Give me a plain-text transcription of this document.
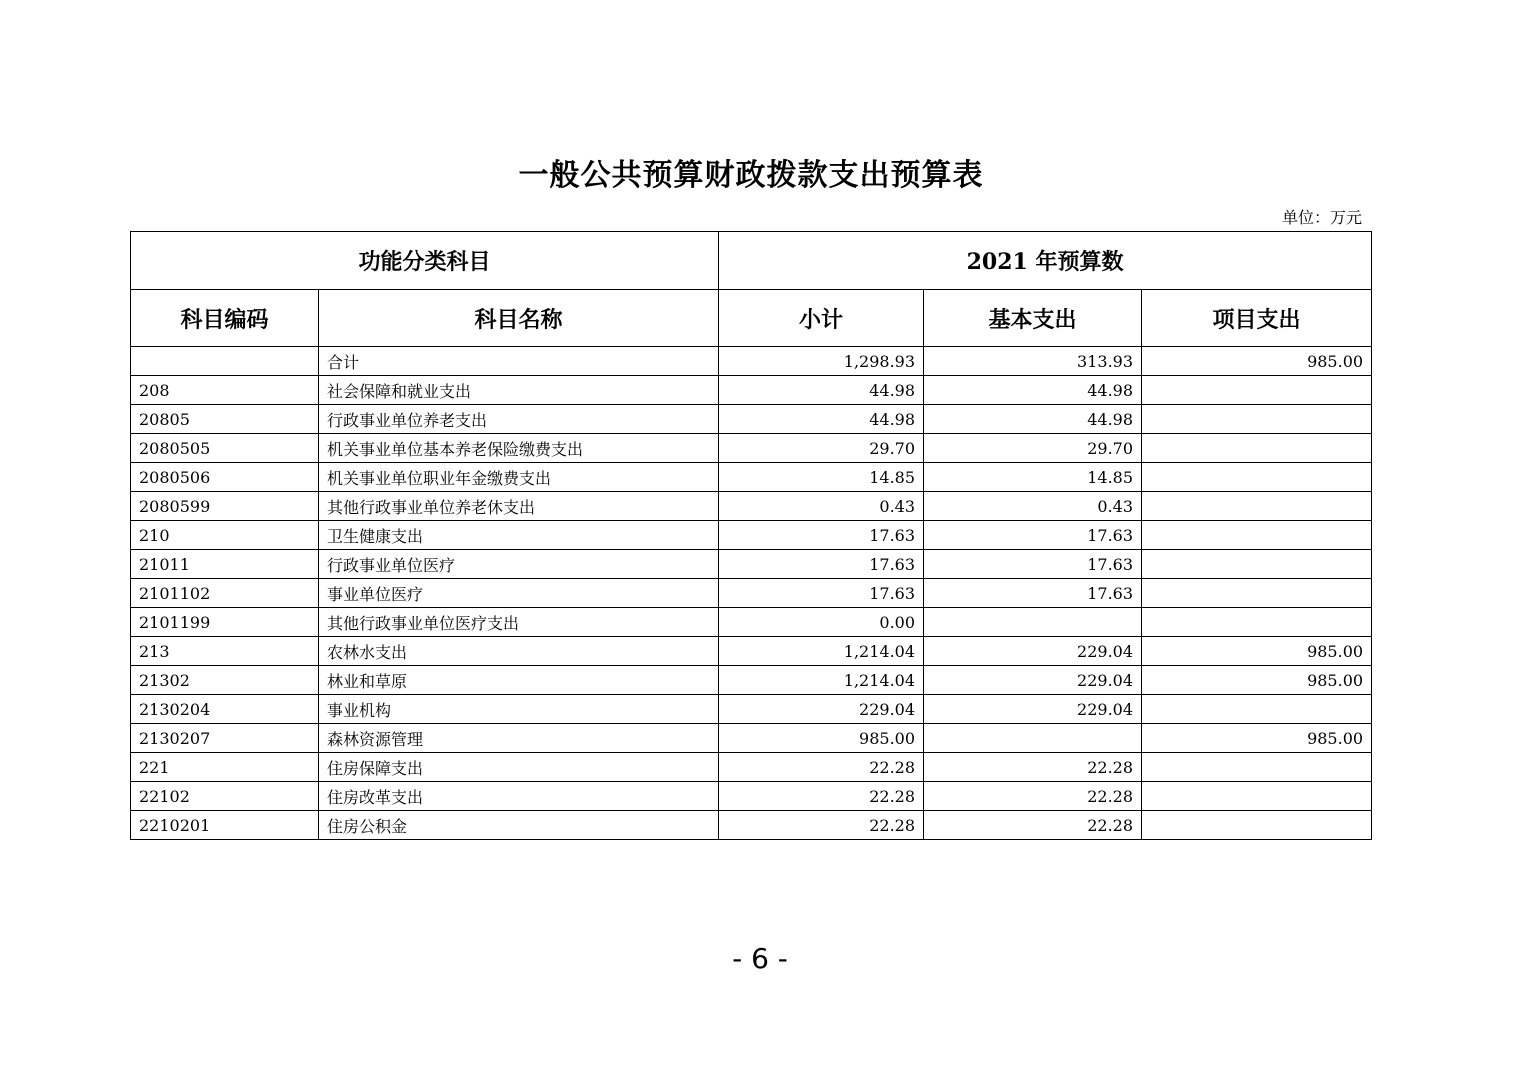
一般公共预算财政拨款支出预算表
单位：万元
功能分类科目		2021 年预算数		
科目编码	科目名称	小计	基本支出	项目支出
	合计	1,298.93	313.93	985.00
208	社会保障和就业支出	44.98	44.98	
20805	行政事业单位养老支出	44.98	44.98	
2080505	机关事业单位基本养老保险缴费支出	29.70	29.70	
2080506	机关事业单位职业年金缴费支出	14.85	14.85	
2080599	其他行政事业单位养老休支出	0.43	0.43	
210	卫生健康支出	17.63	17.63	
21011	行政事业单位医疗	17.63	17.63	
2101102	事业单位医疗	17.63	17.63	
2101199	其他行政事业单位医疗支出	0.00		
213	农林水支出	1,214.04	229.04	985.00
21302	林业和草原	1,214.04	229.04	985.00
2130204	事业机构	229.04	229.04	
2130207	森林资源管理	985.00		985.00
221	住房保障支出	22.28	22.28	
22102	住房改革支出	22.28	22.28	
2210201	住房公积金	22.28	22.28	
- 6 -
